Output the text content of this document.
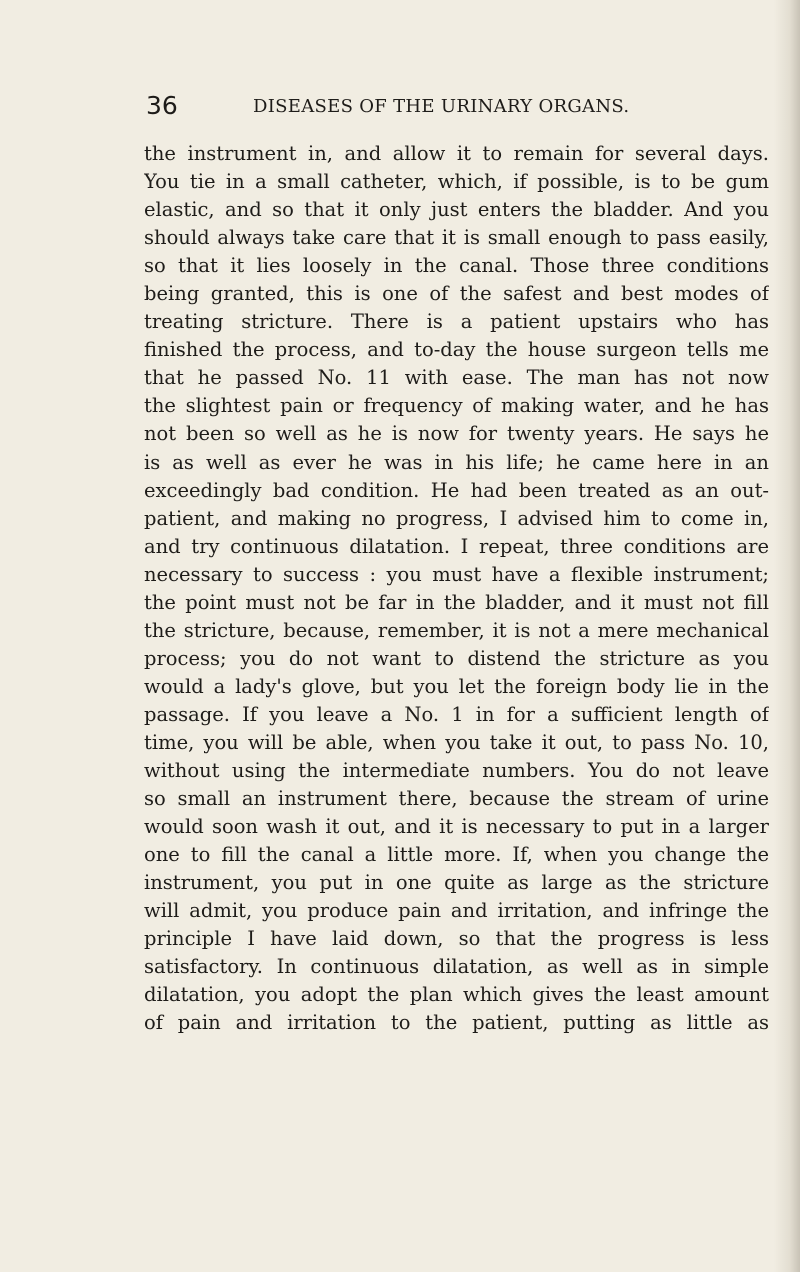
36	DISEASES OF THE URINARY ORGANS.
the instrument in, and allow it to remain for several days.
You tie in a small catheter, which, if possible, is to be gum
elastic, and so that it only just enters the bladder. And you
should always take care that it is small enough to pass easily,
so that it lies loosely in the canal. Those three conditions
being granted, this is one of the safest and best modes of
treating stricture. There is a patient upstairs who has
finished the process, and to-day the house surgeon tells me
that he passed No. 11 with ease. The man has not now
the slightest pain or frequency of making water, and he has
not been so well as he is now for twenty years. He says he
is as well as ever he was in his life; he came here in an
exceedingly bad condition. He had been treated as an out-
patient, and making no progress, I advised him to come in,
and try continuous dilatation. I repeat, three conditions are
necessary to success : you must have a flexible instrument;
the point must not be far in the bladder, and it must not fill
the stricture, because, remember, it is not a mere mechanical
process; you do not want to distend the stricture as you
would a lady's glove, but you let the foreign body lie in the
passage. If you leave a No. 1 in for a sufficient length of
time, you will be able, when you take it out, to pass No. 10,
without using the intermediate numbers. You do not leave
so small an instrument there, because the stream of urine
would soon wash it out, and it is necessary to put in a larger
one to fill the canal a little more. If, when you change the
instrument, you put in one quite as large as the stricture
will admit, you produce pain and irritation, and infringe the
principle I have laid down, so that the progress is less
satisfactory. In continuous dilatation, as well as in simple
dilatation, you adopt the plan which gives the least amount
of pain and irritation to the patient, putting as little as
